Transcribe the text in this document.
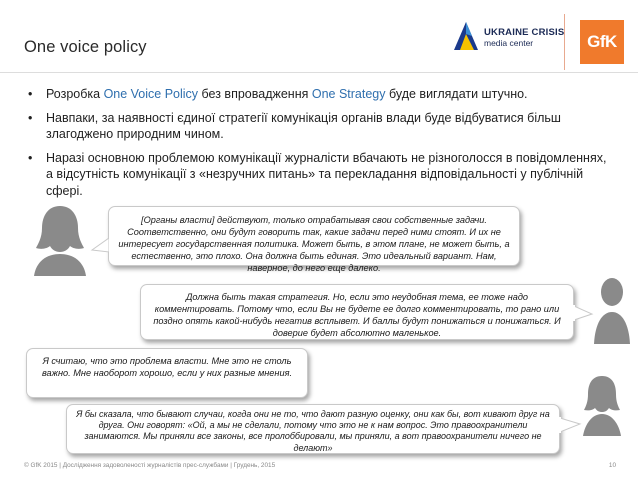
One voice policy
UKRAINE CRISIS
media center	GfK
• Розробка One Voice Policy без впровадження One Strategy буде виглядати штучно.
• Навпаки, за наявності єдиної стратегії комунікація органів влади буде відбуватися більш злагоджено природним чином.
• Наразі основною проблемою комунікації журналісти вбачають не різноголосся в повідомленнях, а відсутність комунікації з «незручних питань» та перекладання відповідальності у публічній сфері.
[Органы власти] действуют, только отрабатывая свои собственные задачи. Соответственно, они будут говорить так, какие задачи перед ними стоят. И их не интересует государственная политика. Может быть, в этом плане, не может быть, а естественно, это плохо. Она должна быть единая. Это идеальный вариант. Нам, наверное, до него еще далеко.
Должна быть такая стратегия. Но, если это неудобная тема, ее тоже надо комментировать. Потому что, если Вы не будете ее долго комментировать, то рано или поздно опять какой-нибудь негатив всплывет. И баллы будут понижаться и понижаться. И доверие будет абсолютно маленькое.
Я считаю, что это проблема власти. Мне это не столь важно. Мне наоборот хорошо, если у них разные мнения.
Я бы сказала, что бывают случаи, когда они не то, что дают разную оценку, они как бы, вот кивают друг на друга. Они говорят: «Ой, а мы не сделали, потому что это не к нам вопрос. Это правоохранители занимаются. Мы приняли все законы, все пролоббировали, мы приняли, а вот правоохранители ничего не делают»
© GfK 2015 | Дослідження задоволеності журналістів прес-службами | Грудень, 2015	10
